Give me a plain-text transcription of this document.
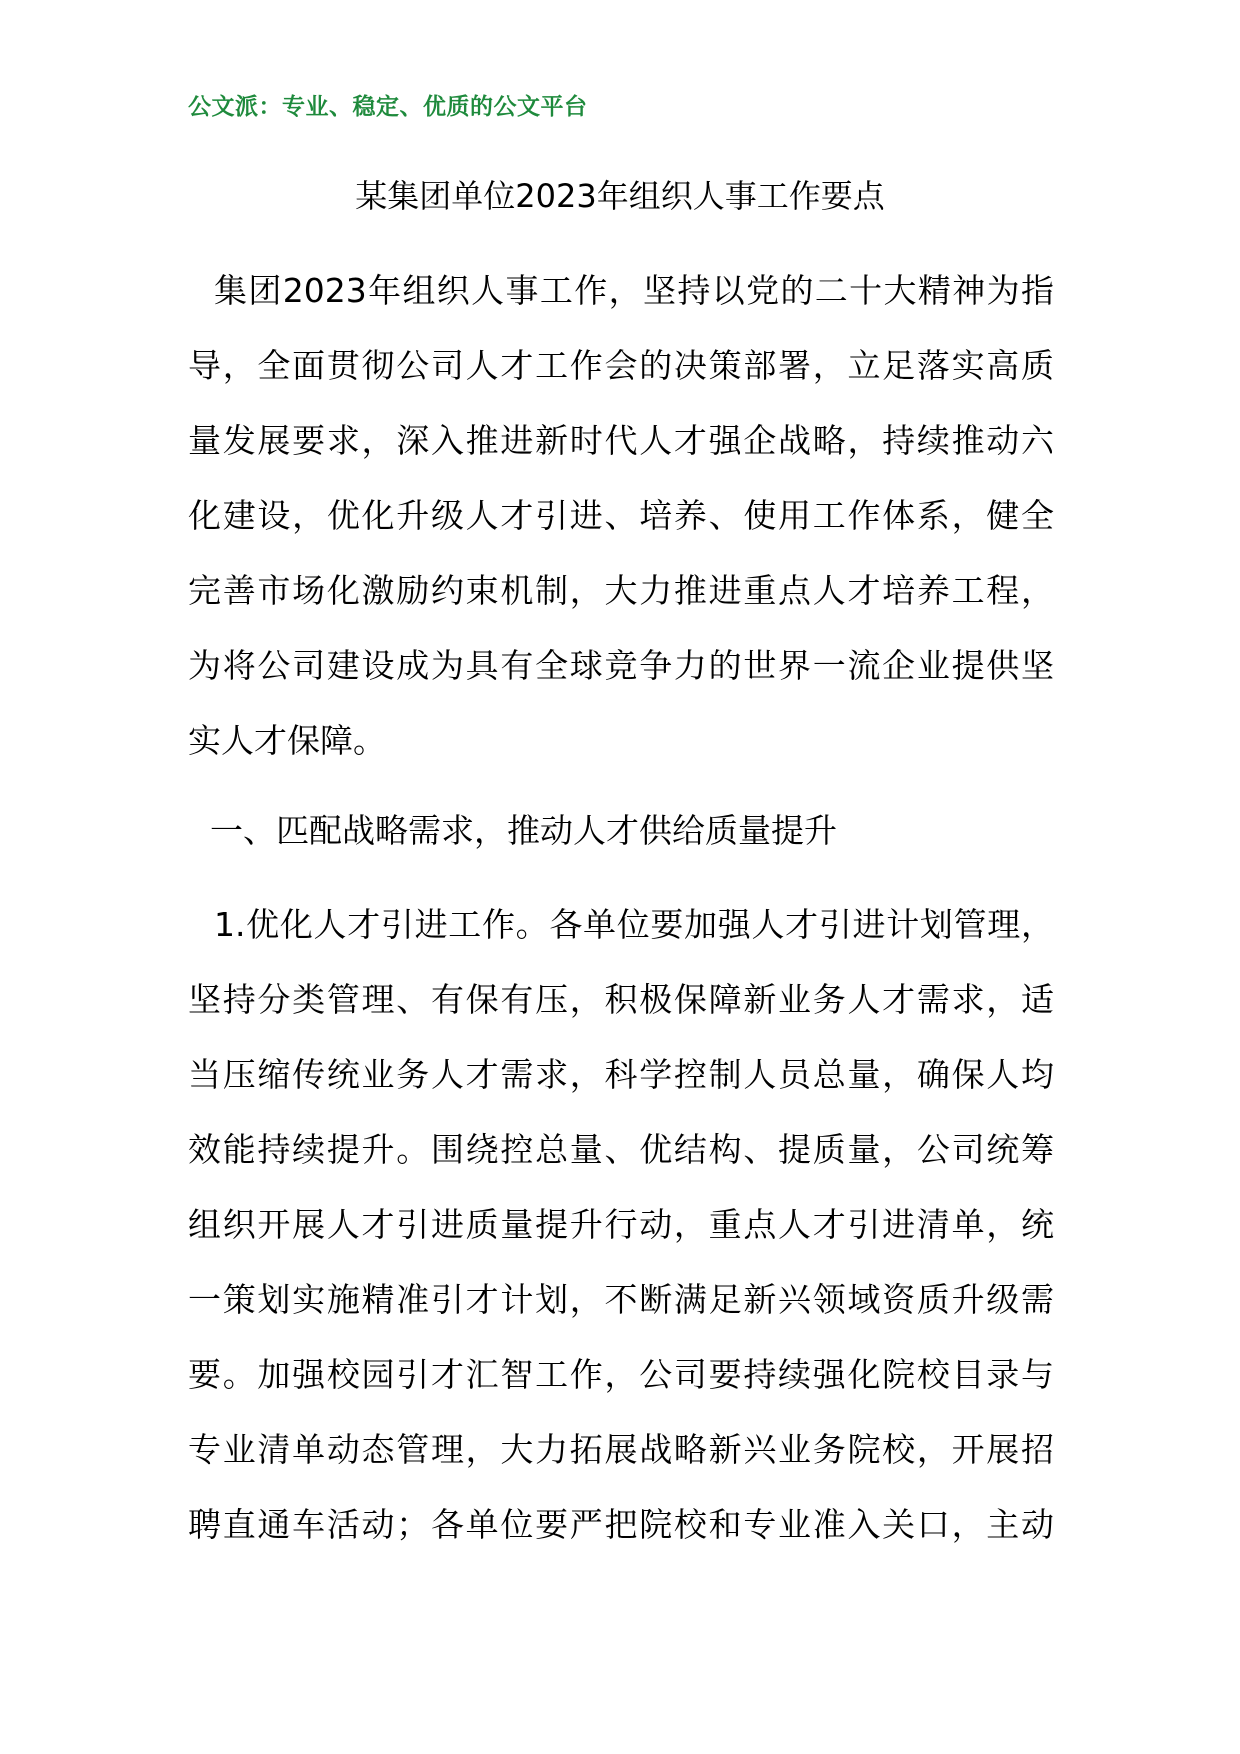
公文派：专业、稳定、优质的公文平台
某集团单位2023年组织人事工作要点
集团2023年组织人事工作，坚持以党的二十大精神为指
导，全面贯彻公司人才工作会的决策部署，立足落实高质
量发展要求，深入推进新时代人才强企战略，持续推动六
化建设，优化升级人才引进、培养、使用工作体系，健全
完善市场化激励约束机制，大力推进重点人才培养工程，
为将公司建设成为具有全球竞争力的世界一流企业提供坚
实人才保障。
一、匹配战略需求，推动人才供给质量提升
1.优化人才引进工作。各单位要加强人才引进计划管理，
坚持分类管理、有保有压，积极保障新业务人才需求，适
当压缩传统业务人才需求，科学控制人员总量，确保人均
效能持续提升。围绕控总量、优结构、提质量，公司统筹
组织开展人才引进质量提升行动，重点人才引进清单，统
一策划实施精准引才计划，不断满足新兴领域资质升级需
要。加强校园引才汇智工作，公司要持续强化院校目录与
专业清单动态管理，大力拓展战略新兴业务院校，开展招
聘直通车活动；各单位要严把院校和专业准入关口，主动
